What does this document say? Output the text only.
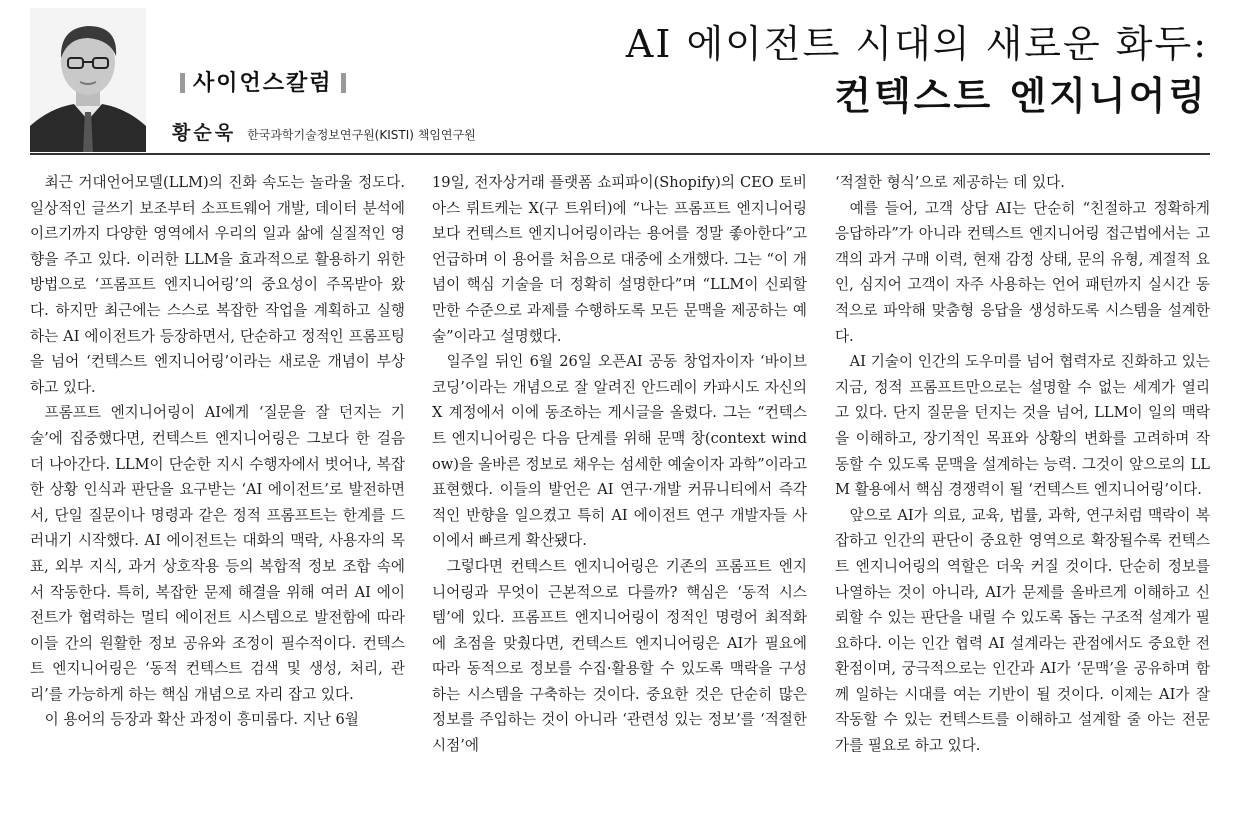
사이언스칼럼
황순욱 한국과학기술정보연구원(KISTI) 책임연구원
AI 에이전트 시대의 새로운 화두:
컨텍스트 엔지니어링

최근 거대언어모델(LLM)의 진화 속도는 놀라울 정도다. 일상적인 글쓰기 보조부터 소프트웨어 개발, 데이터 분석에 이르기까지 다양한 영역에서 우리의 일과 삶에 실질적인 영향을 주고 있다. 이러한 LLM을 효과적으로 활용하기 위한 방법으로 ‘프롬프트 엔지니어링’의 중요성이 주목받아 왔다. 하지만 최근에는 스스로 복잡한 작업을 계획하고 실행하는 AI 에이전트가 등장하면서, 단순하고 정적인 프롬프팅을 넘어 ‘컨텍스트 엔지니어링’이라는 새로운 개념이 부상하고 있다.

프롬프트 엔지니어링이 AI에게 ‘질문을 잘 던지는 기술’에 집중했다면, 컨텍스트 엔지니어링은 그보다 한 걸음 더 나아간다. LLM이 단순한 지시 수행자에서 벗어나, 복잡한 상황 인식과 판단을 요구받는 ‘AI 에이전트’로 발전하면서, 단일 질문이나 명령과 같은 정적 프롬프트는 한계를 드러내기 시작했다. AI 에이전트는 대화의 맥락, 사용자의 목표, 외부 지식, 과거 상호작용 등의 복합적 정보 조합 속에서 작동한다. 특히, 복잡한 문제 해결을 위해 여러 AI 에이전트가 협력하는 멀티 에이전트 시스템으로 발전함에 따라 이들 간의 원활한 정보 공유와 조정이 필수적이다. 컨텍스트 엔지니어링은 ‘동적 컨텍스트 검색 및 생성, 처리, 관리’를 가능하게 하는 핵심 개념으로 자리 잡고 있다.

이 용어의 등장과 확산 과정이 흥미롭다. 지난 6월

19일, 전자상거래 플랫폼 쇼피파이(Shopify)의 CEO 토비아스 뤼트케는 X(구 트위터)에 “나는 프롬프트 엔지니어링보다 컨텍스트 엔지니어링이라는 용어를 정말 좋아한다”고 언급하며 이 용어를 처음으로 대중에 소개했다. 그는 “이 개념이 핵심 기술을 더 정확히 설명한다”며 “LLM이 신뢰할 만한 수준으로 과제를 수행하도록 모든 문맥을 제공하는 예술”이라고 설명했다.

일주일 뒤인 6월 26일 오픈AI 공동 창업자이자 ‘바이브 코딩’이라는 개념으로 잘 알려진 안드레이 카파시도 자신의 X 계정에서 이에 동조하는 게시글을 올렸다. 그는 “컨텍스트 엔지니어링은 다음 단계를 위해 문맥 창(context window)을 올바른 정보로 채우는 섬세한 예술이자 과학”이라고 표현했다. 이들의 발언은 AI 연구·개발 커뮤니티에서 즉각적인 반향을 일으켰고 특히 AI 에이전트 연구 개발자들 사이에서 빠르게 확산됐다.

그렇다면 컨텍스트 엔지니어링은 기존의 프롬프트 엔지니어링과 무엇이 근본적으로 다를까? 핵심은 ‘동적 시스템’에 있다. 프롬프트 엔지니어링이 정적인 명령어 최적화에 초점을 맞췄다면, 컨텍스트 엔지니어링은 AI가 필요에 따라 동적으로 정보를 수집·활용할 수 있도록 맥락을 구성하는 시스템을 구축하는 것이다. 중요한 것은 단순히 많은 정보를 주입하는 것이 아니라 ‘관련성 있는 정보’를 ‘적절한 시점’에

‘적절한 형식’으로 제공하는 데 있다.

예를 들어, 고객 상담 AI는 단순히 “친절하고 정확하게 응답하라”가 아니라 컨텍스트 엔지니어링 접근법에서는 고객의 과거 구매 이력, 현재 감정 상태, 문의 유형, 계절적 요인, 심지어 고객이 자주 사용하는 언어 패턴까지 실시간 동적으로 파악해 맞춤형 응답을 생성하도록 시스템을 설계한다.

AI 기술이 인간의 도우미를 넘어 협력자로 진화하고 있는 지금, 정적 프롬프트만으로는 설명할 수 없는 세계가 열리고 있다. 단지 질문을 던지는 것을 넘어, LLM이 일의 맥락을 이해하고, 장기적인 목표와 상황의 변화를 고려하며 작동할 수 있도록 문맥을 설계하는 능력. 그것이 앞으로의 LLM 활용에서 핵심 경쟁력이 될 ‘컨텍스트 엔지니어링’이다.

앞으로 AI가 의료, 교육, 법률, 과학, 연구처럼 맥락이 복잡하고 인간의 판단이 중요한 영역으로 확장될수록 컨텍스트 엔지니어링의 역할은 더욱 커질 것이다. 단순히 정보를 나열하는 것이 아니라, AI가 문제를 올바르게 이해하고 신뢰할 수 있는 판단을 내릴 수 있도록 돕는 구조적 설계가 필요하다. 이는 인간 협력 AI 설계라는 관점에서도 중요한 전환점이며, 궁극적으로는 인간과 AI가 ‘문맥’을 공유하며 함께 일하는 시대를 여는 기반이 될 것이다. 이제는 AI가 잘 작동할 수 있는 컨텍스트를 이해하고 설계할 줄 아는 전문가를 필요로 하고 있다.
